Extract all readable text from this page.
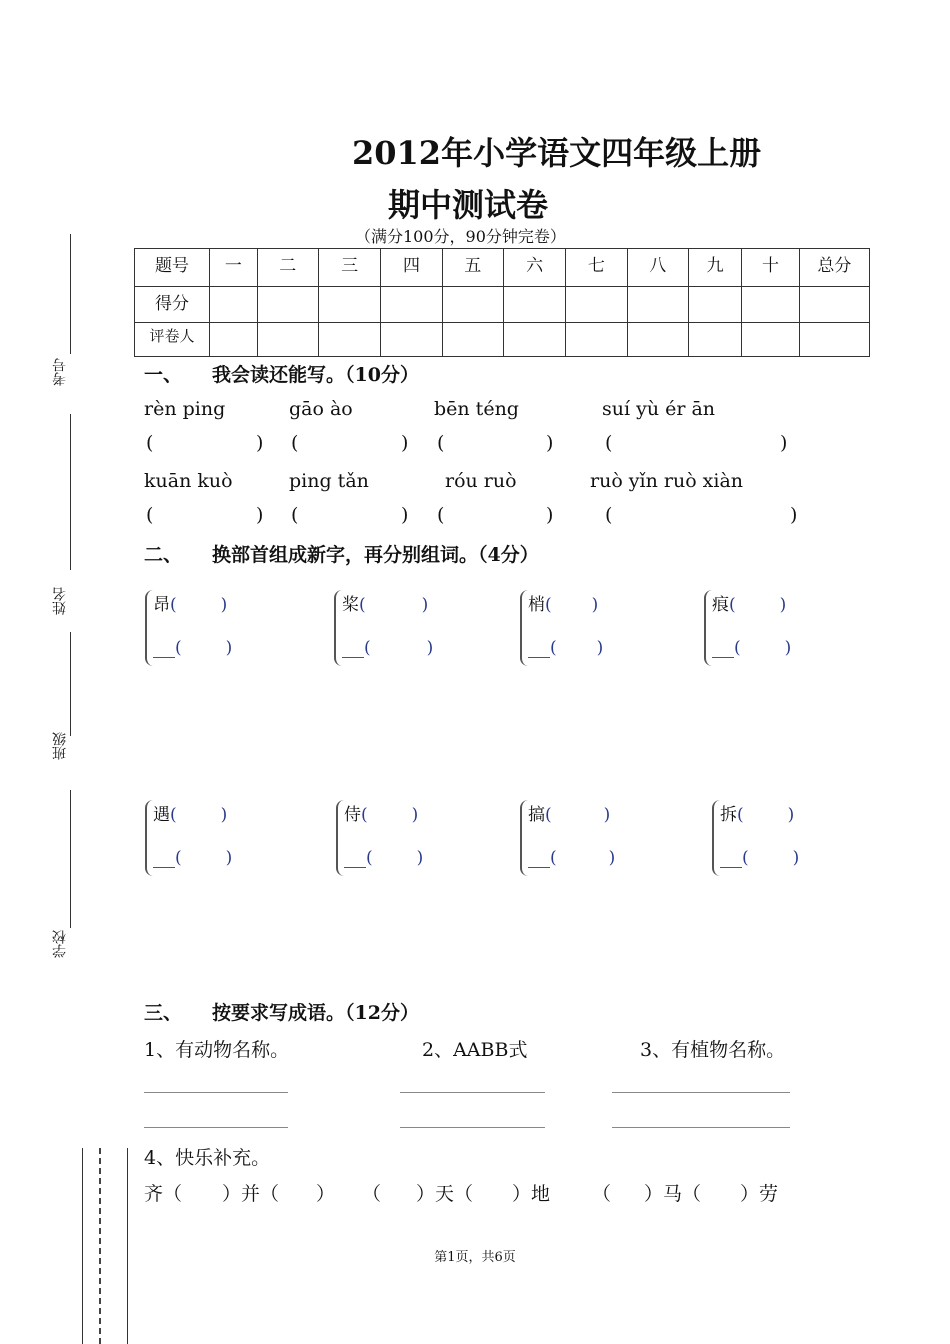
考号
姓名
班级
学校
2012年小学语文四年级上册
期中测试卷
（满分100分，90分钟完卷）
题号	一	二	三	四	五	六	七	八	九	十	总分
得分											
评卷人											
一、 我会读还能写。（10分）
rèn ping	gāo ào	bēn téng	suí yù ér ān
(	) (	) (	)	(	)
kuān kuò	ping tǎn	róu ruò	ruò yǐn ruò xiàn
(	) (	) (	)	(	)
二、 换部首组成新字，再分别组词。（4分）
昂(	)
(	)
桨(	)
(	)
梢( )
( )
痕(	)
(	)
遇(	)
(	)
侍(	)
(	)
搞(	)
(	)
拆(	)
(	)
三、 按要求写成语。（12分）
1、有动物名称。	2、AABB式	3、有植物名称。
4、快乐补充。
齐（ ）并（ ） （ ）天（ ）地 （ ）马（ ）劳
第1页，共6页
